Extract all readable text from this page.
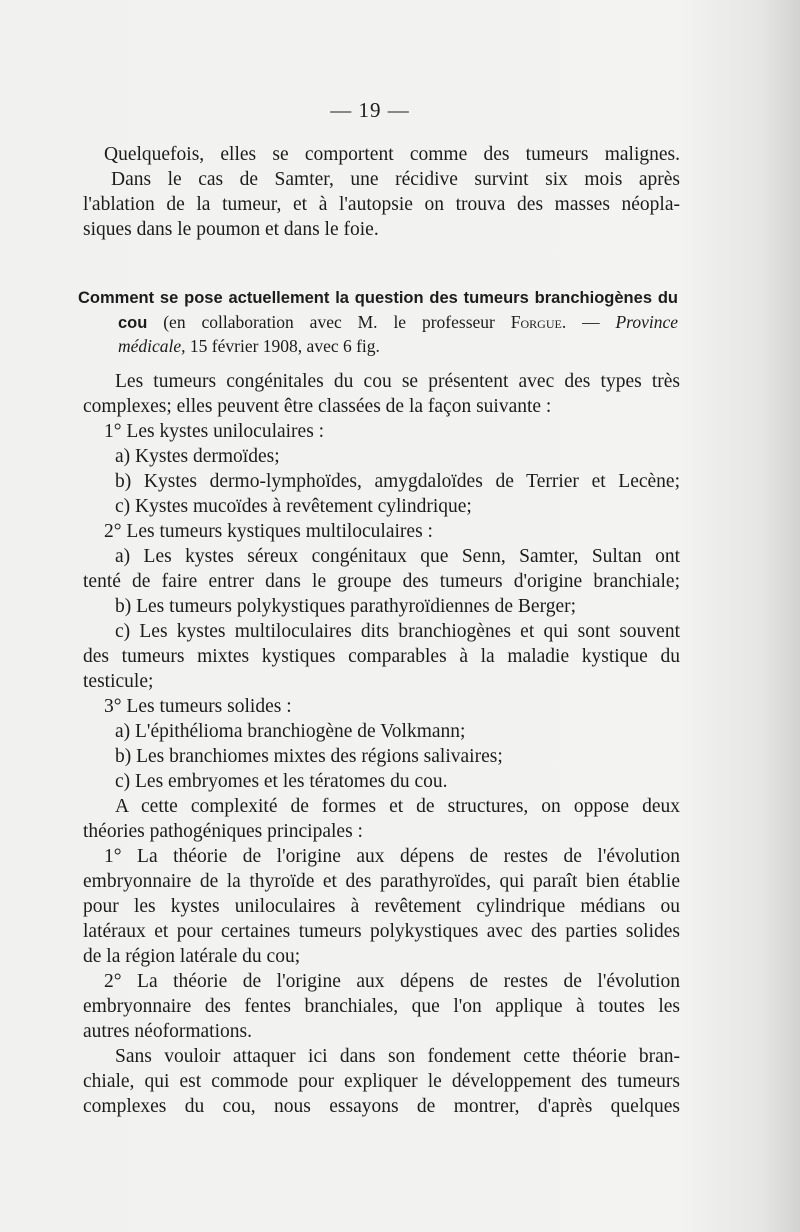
— 19 —
Quelquefois, elles se comportent comme des tumeurs malignes.
Dans le cas de Samter, une récidive survint six mois après
l'ablation de la tumeur, et à l'autopsie on trouva des masses néopla-
siques dans le poumon et dans le foie.
Comment se pose actuellement la question des tumeurs branchiogènes du
cou (en collaboration avec M. le professeur Forgue. — Province
médicale, 15 février 1908, avec 6 fig.
Les tumeurs congénitales du cou se présentent avec des types très
complexes; elles peuvent être classées de la façon suivante :
1° Les kystes uniloculaires :
a) Kystes dermoïdes;
b) Kystes dermo-lymphoïdes, amygdaloïdes de Terrier et Lecène;
c) Kystes mucoïdes à revêtement cylindrique;
2° Les tumeurs kystiques multiloculaires :
a) Les kystes séreux congénitaux que Senn, Samter, Sultan ont
tenté de faire entrer dans le groupe des tumeurs d'origine branchiale;
b) Les tumeurs polykystiques parathyroïdiennes de Berger;
c) Les kystes multiloculaires dits branchiogènes et qui sont souvent
des tumeurs mixtes kystiques comparables à la maladie kystique du
testicule;
3° Les tumeurs solides :
a) L'épithélioma branchiogène de Volkmann;
b) Les branchiomes mixtes des régions salivaires;
c) Les embryomes et les tératomes du cou.
A cette complexité de formes et de structures, on oppose deux
théories pathogéniques principales :
1° La théorie de l'origine aux dépens de restes de l'évolution
embryonnaire de la thyroïde et des parathyroïdes, qui paraît bien établie
pour les kystes uniloculaires à revêtement cylindrique médians ou
latéraux et pour certaines tumeurs polykystiques avec des parties solides
de la région latérale du cou;
2° La théorie de l'origine aux dépens de restes de l'évolution
embryonnaire des fentes branchiales, que l'on applique à toutes les
autres néoformations.
Sans vouloir attaquer ici dans son fondement cette théorie bran-
chiale, qui est commode pour expliquer le développement des tumeurs
complexes du cou, nous essayons de montrer, d'après quelques
